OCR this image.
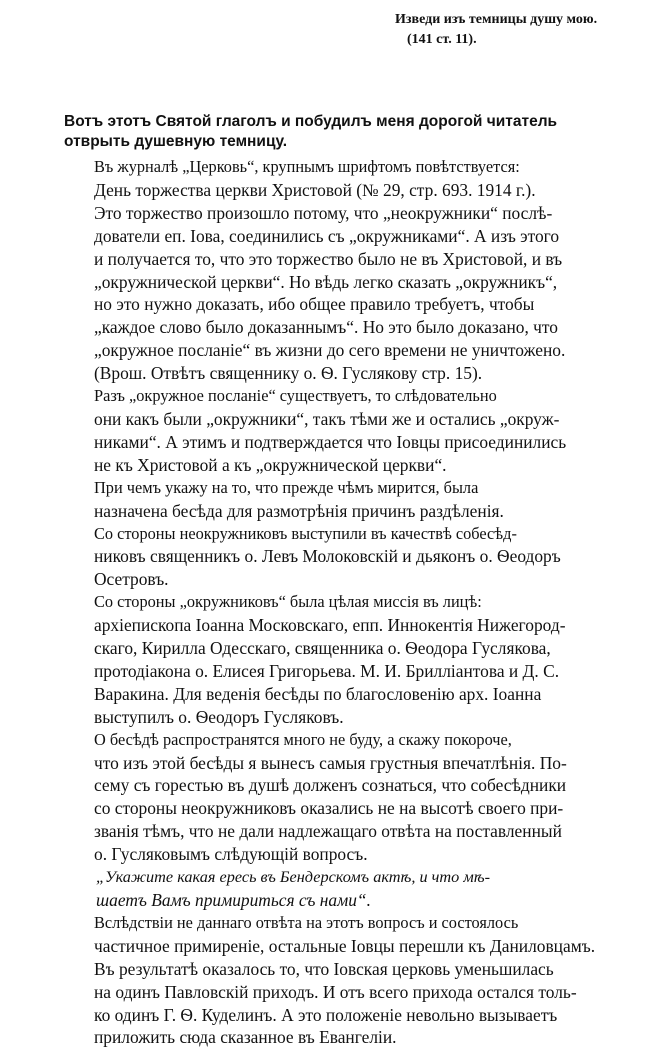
Изведи изъ темницы душу мою.
(141 ст. 11).
Вотъ этотъ Святой глаголъ и побудилъ меня дорогой читатель
отврыть душевную темницу.

Въ журналѣ „Церковь“, крупнымъ шрифтомъ повѣтствуется:
День торжества церкви Христовой (№ 29, стр. 693. 1914 г.).
Это торжество произошло потому, что „неокружники“ послѣ-
дователи еп. Іова, соединились съ „окружниками“. А изъ этого
и получается то, что это торжество было не въ Христовой, и въ
„окружнической церкви“. Но вѣдь легко сказать „окружникъ“,
но это нужно доказать, ибо общее правило требуетъ, чтобы
„каждое слово было доказаннымъ“. Но это было доказано, что
„окружное посланіе“ въ жизни до сего времени не уничтожено.
(Врош. Отвѣтъ священнику о. Ѳ. Гуслякову стр. 15).

Разъ „окружное посланіе“ существуетъ, то слѣдовательно
они какъ были „окружники“, такъ тѣми же и остались „окруж-
никами“. А этимъ и подтверждается что Іовцы присоединились
не къ Христовой а къ „окружнической церкви“.

При чемъ укажу на то, что прежде чѣмъ мирится, была
назначена бесѣда для размотрѣнія причинъ раздѣленія.

Со стороны неокружниковъ выступили въ качествѣ собесѣд-
никовъ священникъ о. Левъ Молоковскій и дьяконъ о. Ѳеодоръ
Осетровъ.

Со стороны „окружниковъ“ была цѣлая миссія въ лицѣ:
архіепископа Іоанна Московскаго, епп. Иннокентія Нижегород-
скаго, Кирилла Одесскаго, священника о. Ѳеодора Гуслякова,
протодіакона о. Елисея Григорьева. М. И. Бриллiантова и Д. С.
Варакина. Для веденія бесѣды по благословенію арх. Іоанна
выступилъ о. Ѳеодоръ Гусляковъ.

О бесѣдѣ распространятся много не буду, а скажу покороче,
что изъ этой бесѣды я вынесъ самыя грустныя впечатлѣнія. По-
сему съ горестью въ душѣ долженъ сознаться, что собесѣдники
со стороны неокружниковъ оказались не на высотѣ своего при-
званія тѣмъ, что не дали надлежащаго отвѣта на поставленный
о. Гусляковымъ слѣдующій вопросъ.

„Укажите какая ересь въ Бендерскомъ актѣ, и что мѣ-
шаетъ Вамъ примириться съ нами“.

Вслѣдствіи не даннаго отвѣта на этотъ вопросъ и состоялось
частичное примиреніе, остальные Іовцы перешли къ Даниловцамъ.
Въ результатѣ оказалось то, что Іовская церковь уменьшилась
на одинъ Павловскій приходъ. И отъ всего прихода остался толь-
ко одинъ Г. Ѳ. Куделинъ. А это положеніе невольно вызываетъ
приложить сюда сказанное въ Евангеліи.
